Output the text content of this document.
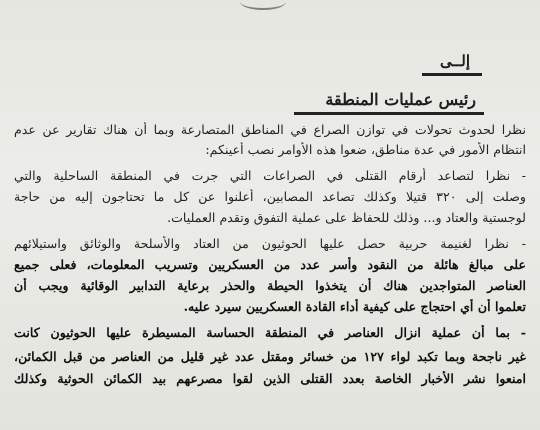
إلــى
رئيس عمليات المنطقة
نظرا لحدوث تحولات في توازن الصراع في المناطق المتصارعة وبما أن هناك تقارير عن عدم
انتظام الأمور في عدة مناطق، ضعوا هذه الأوامر نصب أعينكم:
- نظرا لتصاعد أرقام القتلى في الصراعات التي جرت في المنطقة الساحلية والتي
وصلت إلى ٣٢٠ قتيلا وكذلك تصاعد المصابين، أعلنوا عن كل ما تحتاجون إليه من حاجة
لوجستية والعتاد و... وذلك للحفاظ على عملية التفوق وتقدم العمليات.
- نظرا لغنيمة حربية حصل عليها الحوثيون من العتاد والأسلحة والوثائق واستيلائهم
على مبالغ هائلة من النقود وأسر عدد من العسكريين وتسريب المعلومات، فعلى جميع
العناصر المتواجدين هناك أن يتخذوا الحيطة والحذر برعاية التدابير الوقائية ويجب أن
تعلموا أن أي احتجاج على كيفية أداء القادة العسكريين سيرد عليه.
- بما أن عملية انزال العناصر في المنطقة الحساسة المسيطرة عليها الحوثيون كانت
غير ناجحة وبما تكبد لواء ١٢٧ من خسائر ومقتل عدد غير قليل من العناصر من قبل الكمائن،
امنعوا نشر الأخبار الخاصة بعدد القتلى الذين لقوا مصرعهم بيد الكمائن الحوثية وكذلك
